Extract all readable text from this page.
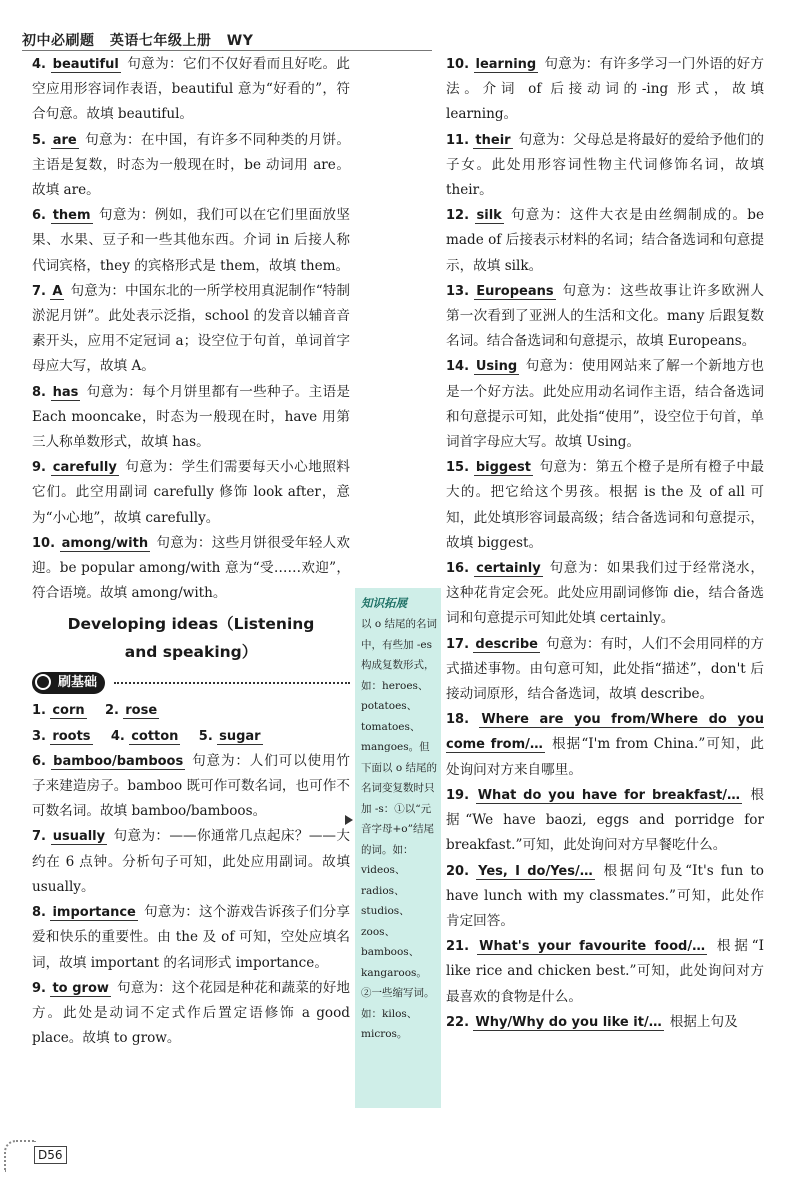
初中必刷题 英语七年级上册 WY
4. beautiful 句意为：它们不仅好看而且好吃。此空应用形容词作表语，beautiful 意为“好看的”，符合句意。故填 beautiful。
5. are 句意为：在中国，有许多不同种类的月饼。主语是复数，时态为一般现在时，be 动词用 are。故填 are。
6. them 句意为：例如，我们可以在它们里面放坚果、水果、豆子和一些其他东西。介词 in 后接人称代词宾格，they 的宾格形式是 them，故填 them。
7. A 句意为：中国东北的一所学校用真泥制作“特制淤泥月饼”。此处表示泛指，school 的发音以辅音音素开头，应用不定冠词 a；设空位于句首，单词首字母应大写，故填 A。
8. has 句意为：每个月饼里都有一些种子。主语是 Each mooncake，时态为一般现在时，have 用第三人称单数形式，故填 has。
9. carefully 句意为：学生们需要每天小心地照料它们。此空用副词 carefully 修饰 look after，意为“小心地”，故填 carefully。
10. among/with 句意为：这些月饼很受年轻人欢迎。be popular among/with 意为“受……欢迎”，符合语境。故填 among/with。
Developing ideas（Listening
and speaking）
刷基础
1. corn 2. rose
3. roots 4. cotton 5. sugar
6. bamboo/bamboos 句意为：人们可以使用竹子来建造房子。bamboo 既可作可数名词，也可作不可数名词。故填 bamboo/bamboos。
7. usually 句意为：——你通常几点起床？——大约在 6 点钟。分析句子可知，此处应用副词。故填 usually。
8. importance 句意为：这个游戏告诉孩子们分享爱和快乐的重要性。由 the 及 of 可知，空处应填名词，故填 important 的名词形式 importance。
9. to grow 句意为：这个花园是种花和蔬菜的好地方。此处是动词不定式作后置定语修饰 a good place。故填 to grow。
知识拓展
以 o 结尾的名词中，有些加 -es 构成复数形式，如：heroes、potatoes、tomatoes、mangoes。但下面以 o 结尾的名词变复数时只加 -s：①以“元音字母+o”结尾的词。如：videos、radios、studios、zoos、bamboos、kangaroos。②一些缩写词。如：kilos、micros。
10. learning 句意为：有许多学习一门外语的好方法。介词 of 后接动词的-ing 形式，故填 learning。
11. their 句意为：父母总是将最好的爱给予他们的子女。此处用形容词性物主代词修饰名词，故填 their。
12. silk 句意为：这件大衣是由丝绸制成的。be made of 后接表示材料的名词；结合备选词和句意提示，故填 silk。
13. Europeans 句意为：这些故事让许多欧洲人第一次看到了亚洲人的生活和文化。many 后跟复数名词。结合备选词和句意提示，故填 Europeans。
14. Using 句意为：使用网站来了解一个新地方也是一个好方法。此处应用动名词作主语，结合备选词和句意提示可知，此处指“使用”，设空位于句首，单词首字母应大写。故填 Using。
15. biggest 句意为：第五个橙子是所有橙子中最大的。把它给这个男孩。根据 is the 及 of all 可知，此处填形容词最高级；结合备选词和句意提示，故填 biggest。
16. certainly 句意为：如果我们过于经常浇水，这种花肯定会死。此处应用副词修饰 die，结合备选词和句意提示可知此处填 certainly。
17. describe 句意为：有时，人们不会用同样的方式描述事物。由句意可知，此处指“描述”，don't 后接动词原形，结合备选词，故填 describe。
18. Where are you from/Where do you come from/… 根据“I'm from China.”可知，此处询问对方来自哪里。
19. What do you have for breakfast/… 根据“We have baozi, eggs and porridge for breakfast.”可知，此处询问对方早餐吃什么。
20. Yes, I do/Yes/… 根据问句及“It's fun to have lunch with my classmates.”可知，此处作肯定回答。
21. What's your favourite food/… 根据“I like rice and chicken best.”可知，此处询问对方最喜欢的食物是什么。
22. Why/Why do you like it/… 根据上句及
D56
